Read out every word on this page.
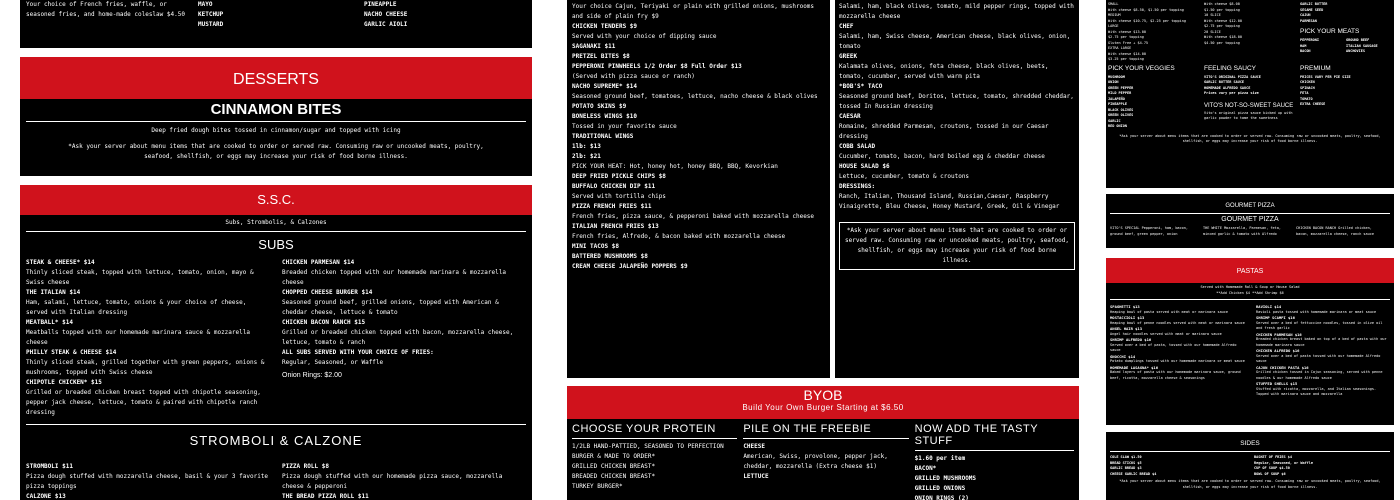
Your choice of French fries, waffle, or seasoned fries, and home-made coleslaw $4.50
MAYO
KETCHUP
MUSTARD
PINEAPPLE
NACHO CHEESE
GARLIC AIOLI
DESSERTS
CINNAMON BITES
Deep fried dough bites tossed in cinnamon/sugar and topped with icing
*Ask your server about menu items that are cooked to order or served raw. Consuming raw or uncooked meats, poultry, seafood, shellfish, or eggs may increase your risk of food borne illness.
S.S.C.
Subs, Strombolis, & Calzones
SUBS
STEAK & CHEESE* $14
Thinly sliced steak, topped with lettuce, tomato, onion, mayo & Swiss cheese
THE ITALIAN $14
Ham, salami, lettuce, tomato, onions & your choice of cheese, served with Italian dressing
MEATBALL* $14
Meatballs topped with our homemade marinara sauce & mozzarella cheese
PHILLY STEAK & CHEESE $14
Thinly sliced steak, grilled together with green peppers, onions & mushrooms, topped with Swiss cheese
CHIPOTLE CHICKEN* $15
Grilled or breaded chicken breast topped with chipotle seasoning, pepper jack cheese, lettuce, tomato & paired with chipotle ranch dressing
CHICKEN PARMESAN $14
Breaded chicken topped with our homemade marinara & mozzarella cheese
CHOPPED CHEESE BURGER $14
Seasoned ground beef, grilled onions, topped with American & cheddar cheese, lettuce & tomato
CHICKEN BACON RANCH $15
Grilled or breaded chicken topped with bacon, mozzarella cheese, lettuce, tomato & ranch
ALL SUBS SERVED WITH YOUR CHOICE OF FRIES:
Regular, Seasoned, or Waffle
Onion Rings: $2.00
STROMBOLI & CALZONE
STROMBOLI $11
Pizza dough stuffed with mozzarella cheese, basil & your 3 favorite pizza toppings
CALZONE $13
PIZZA ROLL $8
Pizza dough stuffed with our homemade pizza sauce, mozzarella cheese & pepperoni
THE BREAD PIZZA ROLL $11
Your choice Cajun, Teriyaki or plain with grilled onions, mushrooms and side of plain fry $9
CHICKEN TENDERS $9
Served with your choice of dipping sauce
SAGANAKI $11
PRETZEL BITES $8
PEPPERONI PINWHEELS 1/2 Order $8 Full Order $13
(Served with pizza sauce or ranch)
NACHO SUPREME* $14
Seasoned ground beef, tomatoes, lettuce, nacho cheese & black olives
POTATO SKINS $9
BONELESS WINGS $10
Tossed in your favorite sauce
TRADITIONAL WINGS
1lb: $13
2lb: $21
PICK YOUR HEAT: Hot, honey hot, honey BBQ, BBQ, Kevorkian
DEEP FRIED PICKLE CHIPS $8
BUFFALO CHICKEN DIP $11
Served with tortilla chips
PIZZA FRENCH FRIES $11
French fries, pizza sauce, & pepperoni baked with mozzarella cheese
ITALIAN FRENCH FRIES $13
French fries, Alfredo, & bacon baked with mozzarella cheese
MINI TACOS $8
BATTERED MUSHROOMS $8
CREAM CHEESE JALAPEÑO POPPERS $9
Salami, ham, black olives, tomato, mild pepper rings, topped with mozzarella cheese
CHEF
Salami, ham, Swiss cheese, American cheese, black olives, onion, tomato
GREEK
Kalamata olives, onions, feta cheese, black olives, beets, tomato, cucumber, served with warm pita
*BOB'S* TACO
Seasoned ground beef, Doritos, lettuce, tomato, shredded cheddar, tossed In Russian dressing
CAESAR
Romaine, shredded Parmesan, croutons, tossed in our Caesar dressing
COBB SALAD
Cucumber, tomato, bacon, hard boiled egg & cheddar cheese
HOUSE SALAD $6
Lettuce, cucumber, tomato & croutons
DRESSINGS:
Ranch, Italian, Thousand Island, Russian,Caesar, Raspberry Vinaigrette, Bleu Cheese, Honey Mustard, Greek, Oil & Vinegar
*Ask your server about menu items that are cooked to order or served raw. Consuming raw or uncooked meats, poultry, seafood, shellfish, or eggs may increase your risk of food borne illness.
BYOB
Build Your Own Burger Starting at $6.50
CHOOSE YOUR PROTEIN
1/2LB HAND-PATTIED, SEASONED TO PERFECTION BURGER & MADE TO ORDER*
GRILLED CHICKEN BREAST*
BREADED CHICKEN BREAST*
TURKEY BURGER*
PILE ON THE FREEBIE
CHEESE
American, Swiss, provolone, pepper jack, cheddar, mozzarella (Extra cheese $1)
LETTUCE
NOW ADD THE TASTY STUFF
$1.60 per item
BACON*
GRILLED MUSHROOMS
GRILLED ONIONS
ONION RINGS (2)
SMALL
With cheese $8.50, $1.50 per topping
MEDIUM
With cheese $10.75, $2.25 per topping
LARGE
With cheese $13.00
$2.75 per topping
Gluten Free + $4.75
EXTRA LARGE
With cheese $14.00
$3.25 per topping
With cheese $8.00
$1.50 per topping
10 SLICE
With cheese $12.00
$2.75 per topping
20 SLICE
With cheese $18.00
$4.50 per topping
GARLIC BUTTER
SESAME SEED
CAJUN
PARMESAN
PICK YOUR MEATS
PEPPERONI
HAM
BACON
GROUND BEEF
ITALIAN SAUSAGE
ANCHOVIES
PICK YOUR VEGGIES
MUSHROOM
ONION
GREEN PEPPER
MILD PEPPER
JALAPEÑO
PINEAPPLE
BLACK OLIVES
GREEN OLIVES
GARLIC
RED ONION
FEELING SAUCY
VITO'S ORIGINAL PIZZA SAUCE
GARLIC BUTTER SAUCE
HOMEMADE ALFREDO SAUCE
Prices vary per pizza size
VITO'S NOT-SO-SWEET SAUCE
Vito's original pizza sauce kicked up with garlic powder to tame the sweetness
PREMIUM
PRICES VARY PER PIE SIZE
CHICKEN
SPINACH
FETA
TOMATO
EXTRA CHEESE
*Ask your server about menu items that are cooked to order or served raw. Consuming raw or uncooked meats, poultry, seafood, shellfish, or eggs may increase your risk of food borne illness.
GOURMET PIZZA
GOURMET PIZZA
VITO'S SPECIAL Pepperoni, ham, bacon, ground beef, green pepper, onion
THE WHITE Mozzarella, Parmesan, feta, minced garlic & tomato with Alfredo
CHICKEN BACON RANCH Grilled chicken, bacon, mozzarella cheese, ranch sauce
PASTAS
Served with Homemade Roll & Soup or House Salad
**Add Chicken $4 **Add Shrimp $6
SPAGHETTI $13
Heaping bowl of pasta served with meat or marinara sauce
MOSTACCIOLI $13
Heaping bowl of penne noodles served with meat or marinara sauce
ANGEL HAIR $13
Angel hair noodles served with meat or marinara sauce
SHRIMP ALFREDO $16
Served over a bed of pasta, tossed with our homemade Alfredo sauce
GNOCCHI $14
Potato dumplings tossed with our homemade marinara or meat sauce
HOMEMADE LASAGNA* $16
Baked layers of pasta with our homemade marinara sauce, ground beef, ricotta, mozzarella cheese & seasonings
RAVIOLI $14
Ravioli pasta tossed with homemade marinara or meat sauce
SHRIMP SCAMPI $16
Served over a bed of fettuccine noodles, tossed in olive oil and fresh garlic
CHICKEN PARMESAN $16
Breaded chicken breast baked on top of a bed of pasta with our homemade marinara sauce
CHICKEN ALFREDO $16
Served over a bed of pasta tossed with our homemade Alfredo sauce
CAJUN CHICKEN PASTA $16
Grilled chicken tossed in Cajun seasoning, served with penne noodles & our homemade Alfredo sauce
STUFFED SHELLS $15
Stuffed with ricotta, mozzarella, and Italian seasonings. Topped with marinara sauce and mozzarella
SIDES
COLE SLAW $1.50
BREAD STICKS $5
GARLIC BREAD $3
CHEESE GARLIC BREAD $4
BASKET OF FRIES $4
Regular, Seasoned, or Waffle
CUP OF SOUP $4.50
BOWL OF SOUP $6
*Ask your server about menu items that are cooked to order or served raw. Consuming raw or uncooked meats, poultry, seafood, shellfish, or eggs may increase your risk of food borne illness.
